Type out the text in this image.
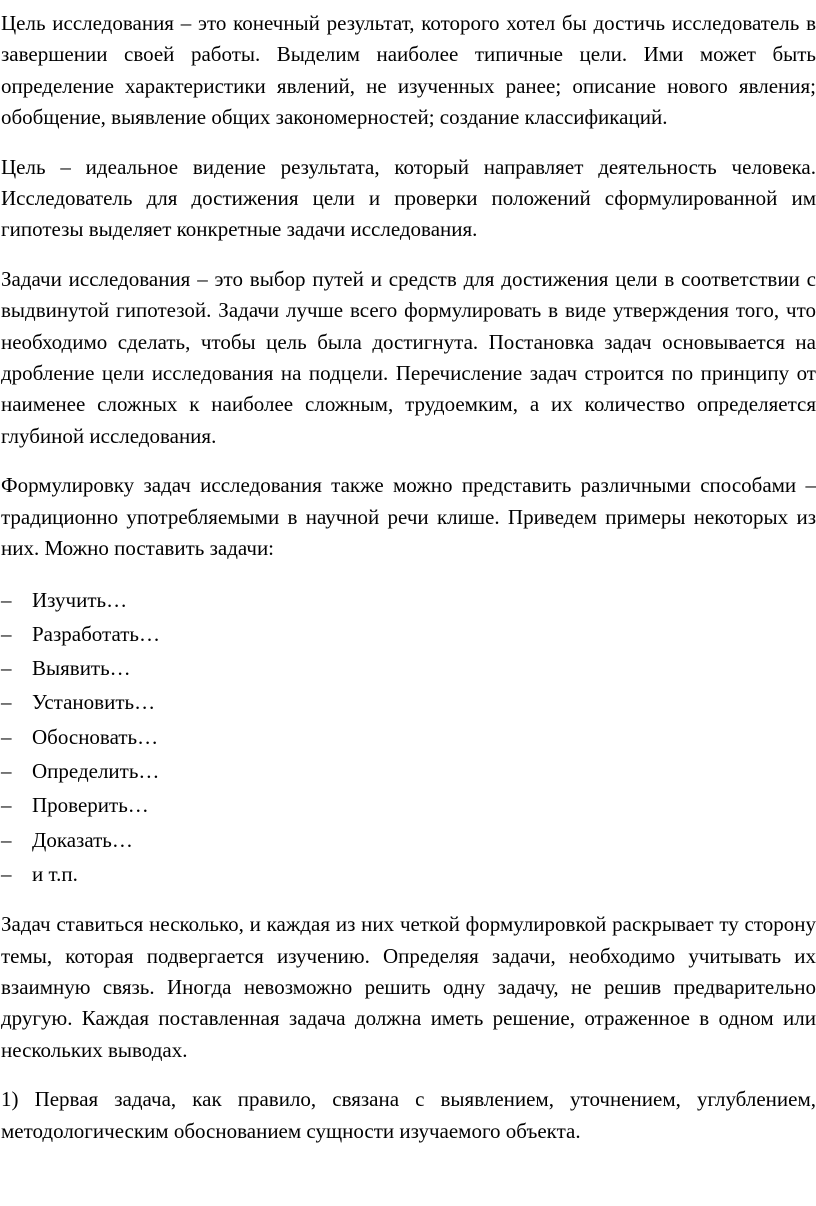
Цель исследования – это конечный результат, которого хотел бы достичь исследователь в завершении своей работы. Выделим наиболее типичные цели. Ими может быть определение характеристики явлений, не изученных ранее; описание нового явления; обобщение, выявление общих закономерностей; создание классификаций.

Цель – идеальное видение результата, который направляет деятельность человека. Исследователь для достижения цели и проверки положений сформулированной им гипотезы выделяет конкретные задачи исследования.

Задачи исследования – это выбор путей и средств для достижения цели в соответствии с выдвинутой гипотезой. Задачи лучше всего формулировать в виде утверждения того, что необходимо сделать, чтобы цель была достигнута. Постановка задач основывается на дробление цели исследования на подцели. Перечисление задач строится по принципу от наименее сложных к наиболее сложным, трудоемким, а их количество определяется глубиной исследования.

Формулировку задач исследования также можно представить различными способами – традиционно употребляемыми в научной речи клише. Приведем примеры некоторых из них. Можно поставить задачи:

– Изучить…
– Разработать…
– Выявить…
– Установить…
– Обосновать…
– Определить…
– Проверить…
– Доказать…
– и т.п.

Задач ставиться несколько, и каждая из них четкой формулировкой раскрывает ту сторону темы, которая подвергается изучению. Определяя задачи, необходимо учитывать их взаимную связь. Иногда невозможно решить одну задачу, не решив предварительно другую. Каждая поставленная задача должна иметь решение, отраженное в одном или нескольких выводах.

1) Первая задача, как правило, связана с выявлением, уточнением, углублением, методологическим обоснованием сущности изучаемого объекта.
